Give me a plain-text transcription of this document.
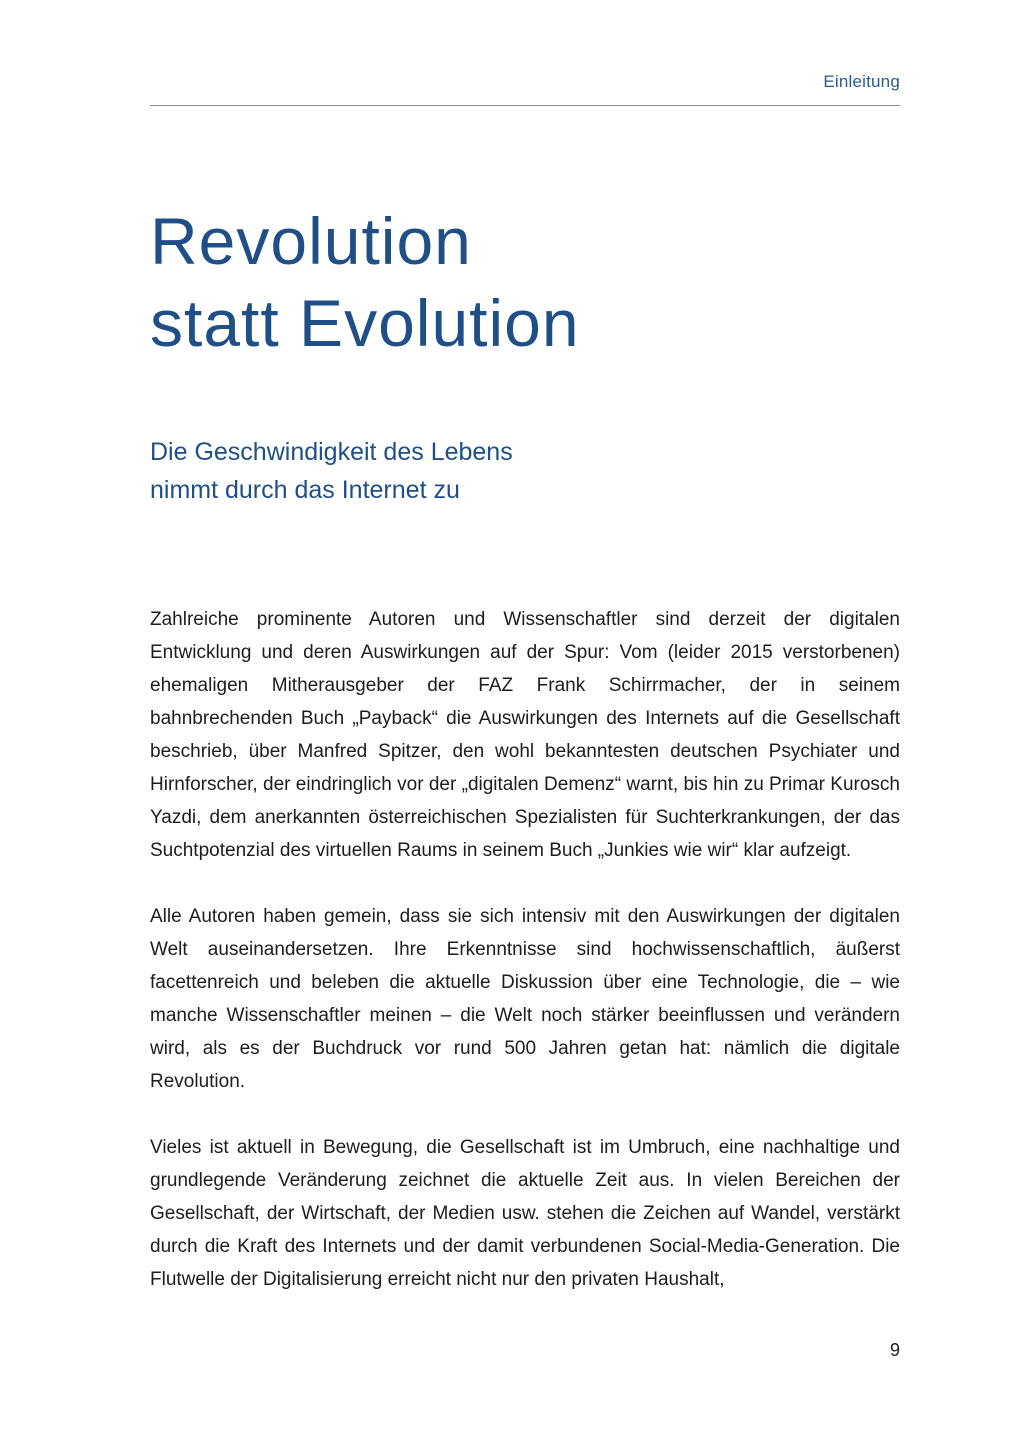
Einleitung
Revolution
statt Evolution
Die Geschwindigkeit des Lebens
nimmt durch das Internet zu

Zahlreiche prominente Autoren und Wissenschaftler sind derzeit der digitalen Entwicklung und deren Auswirkungen auf der Spur: Vom (leider 2015 verstorbenen) ehemaligen Mitherausgeber der FAZ Frank Schirrmacher, der in seinem bahnbrechenden Buch „Payback“ die Auswirkungen des Internets auf die Gesellschaft beschrieb, über Manfred Spitzer, den wohl bekanntesten deutschen Psychiater und Hirnforscher, der eindringlich vor der „digitalen Demenz“ warnt, bis hin zu Primar Kurosch Yazdi, dem anerkannten österreichischen Spezialisten für Suchterkrankungen, der das Suchtpotenzial des virtuellen Raums in seinem Buch „Junkies wie wir“ klar aufzeigt.

Alle Autoren haben gemein, dass sie sich intensiv mit den Auswirkungen der digitalen Welt auseinandersetzen. Ihre Erkenntnisse sind hochwissenschaftlich, äußerst facettenreich und beleben die aktuelle Diskussion über eine Technologie, die – wie manche Wissenschaftler meinen – die Welt noch stärker beeinflussen und verändern wird, als es der Buchdruck vor rund 500 Jahren getan hat: nämlich die digitale Revolution.

Vieles ist aktuell in Bewegung, die Gesellschaft ist im Umbruch, eine nachhaltige und grundlegende Veränderung zeichnet die aktuelle Zeit aus. In vielen Bereichen der Gesellschaft, der Wirtschaft, der Medien usw. stehen die Zeichen auf Wandel, verstärkt durch die Kraft des Internets und der damit verbundenen Social-Media-Generation. Die Flutwelle der Digitalisierung erreicht nicht nur den privaten Haushalt,

9
